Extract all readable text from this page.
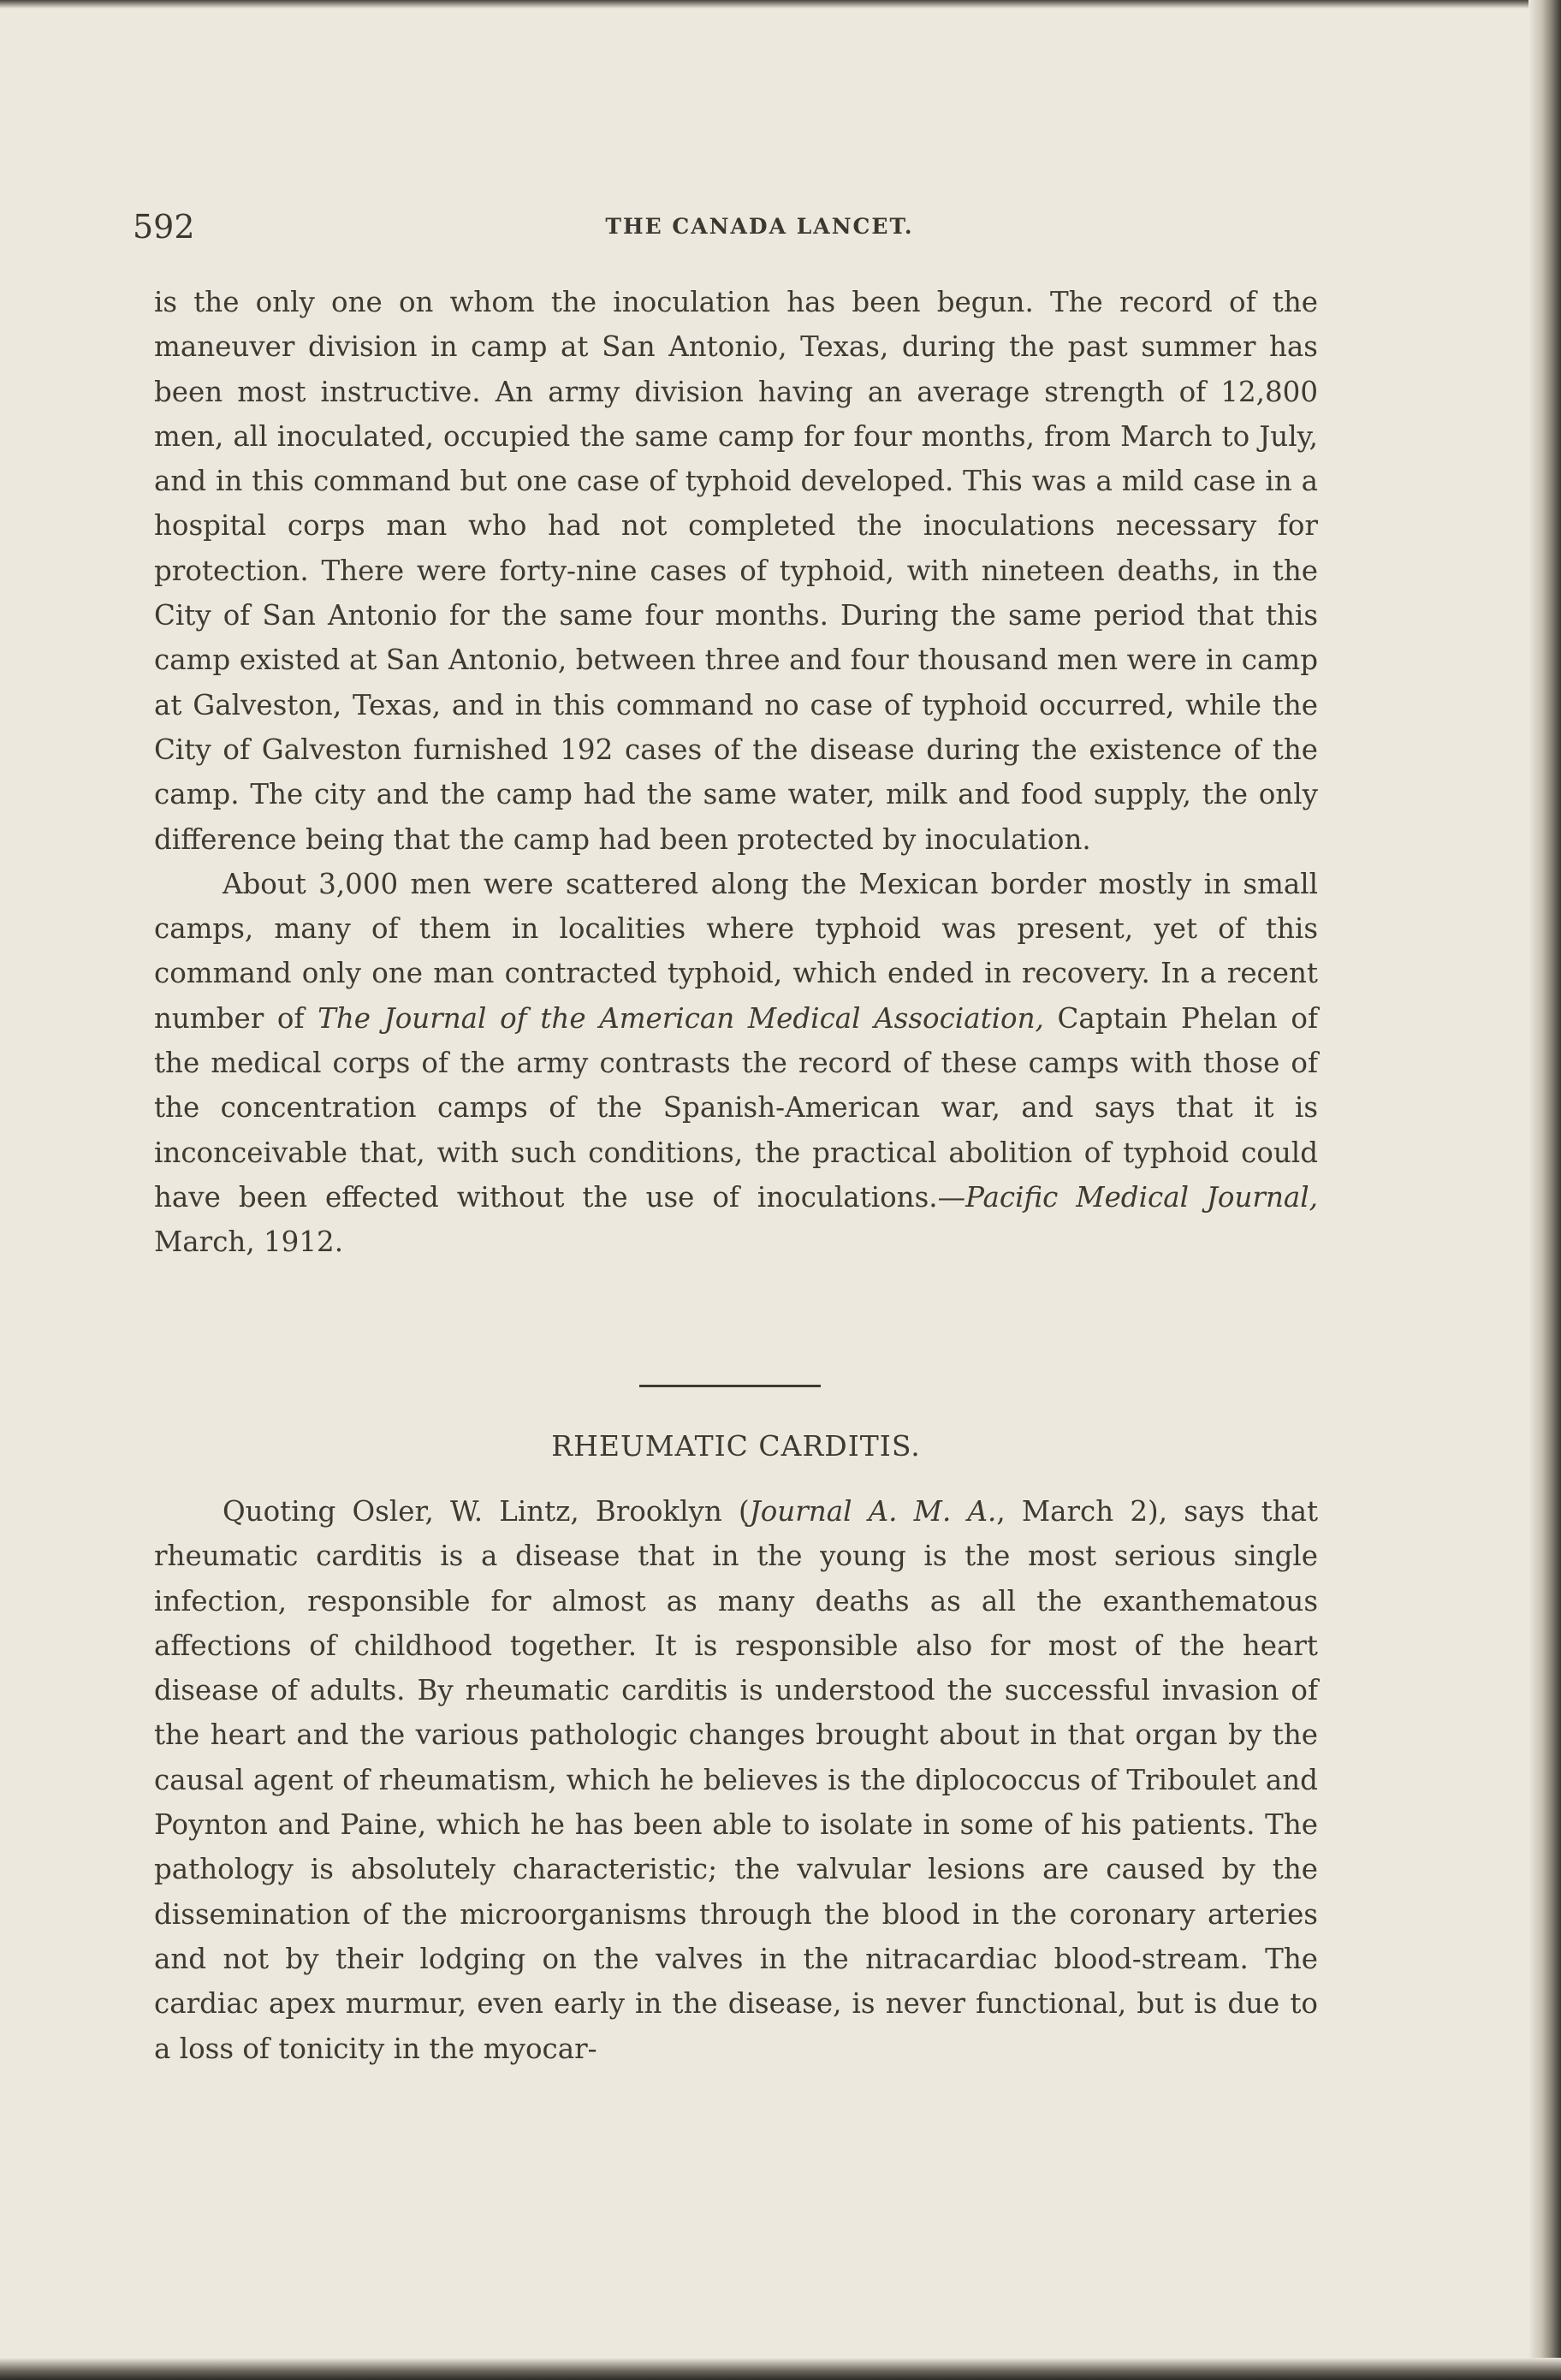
592	THE CANADA LANCET.

is the only one on whom the inoculation has been begun. The record of the maneuver division in camp at San Antonio, Texas, during the past summer has been most instructive. An army division having an average strength of 12,800 men, all inoculated, occupied the same camp for four months, from March to July, and in this command but one case of typhoid developed. This was a mild case in a hospital corps man who had not completed the inoculations necessary for protection. There were forty-nine cases of typhoid, with nineteen deaths, in the City of San Antonio for the same four months. During the same period that this camp existed at San Antonio, between three and four thousand men were in camp at Galveston, Texas, and in this command no case of typhoid occurred, while the City of Galveston furnished 192 cases of the disease during the existence of the camp. The city and the camp had the same water, milk and food supply, the only difference being that the camp had been protected by inoculation.

About 3,000 men were scattered along the Mexican border mostly in small camps, many of them in localities where typhoid was present, yet of this command only one man contracted typhoid, which ended in recovery. In a recent number of The Journal of the American Medical Association, Captain Phelan of the medical corps of the army contrasts the record of these camps with those of the concentration camps of the Spanish-American war, and says that it is inconceivable that, with such conditions, the practical abolition of typhoid could have been effected without the use of inoculations.—Pacific Medical Journal, March, 1912.

RHEUMATIC CARDITIS.

Quoting Osler, W. Lintz, Brooklyn (Journal A. M. A., March 2), says that rheumatic carditis is a disease that in the young is the most serious single infection, responsible for almost as many deaths as all the exanthematous affections of childhood together. It is responsible also for most of the heart disease of adults. By rheumatic carditis is understood the successful invasion of the heart and the various pathologic changes brought about in that organ by the causal agent of rheumatism, which he believes is the diplococcus of Triboulet and Poynton and Paine, which he has been able to isolate in some of his patients. The pathology is absolutely characteristic; the valvular lesions are caused by the dissemination of the microorganisms through the blood in the coronary arteries and not by their lodging on the valves in the nitracardiac blood-stream. The cardiac apex murmur, even early in the disease, is never functional, but is due to a loss of tonicity in the myocar-
